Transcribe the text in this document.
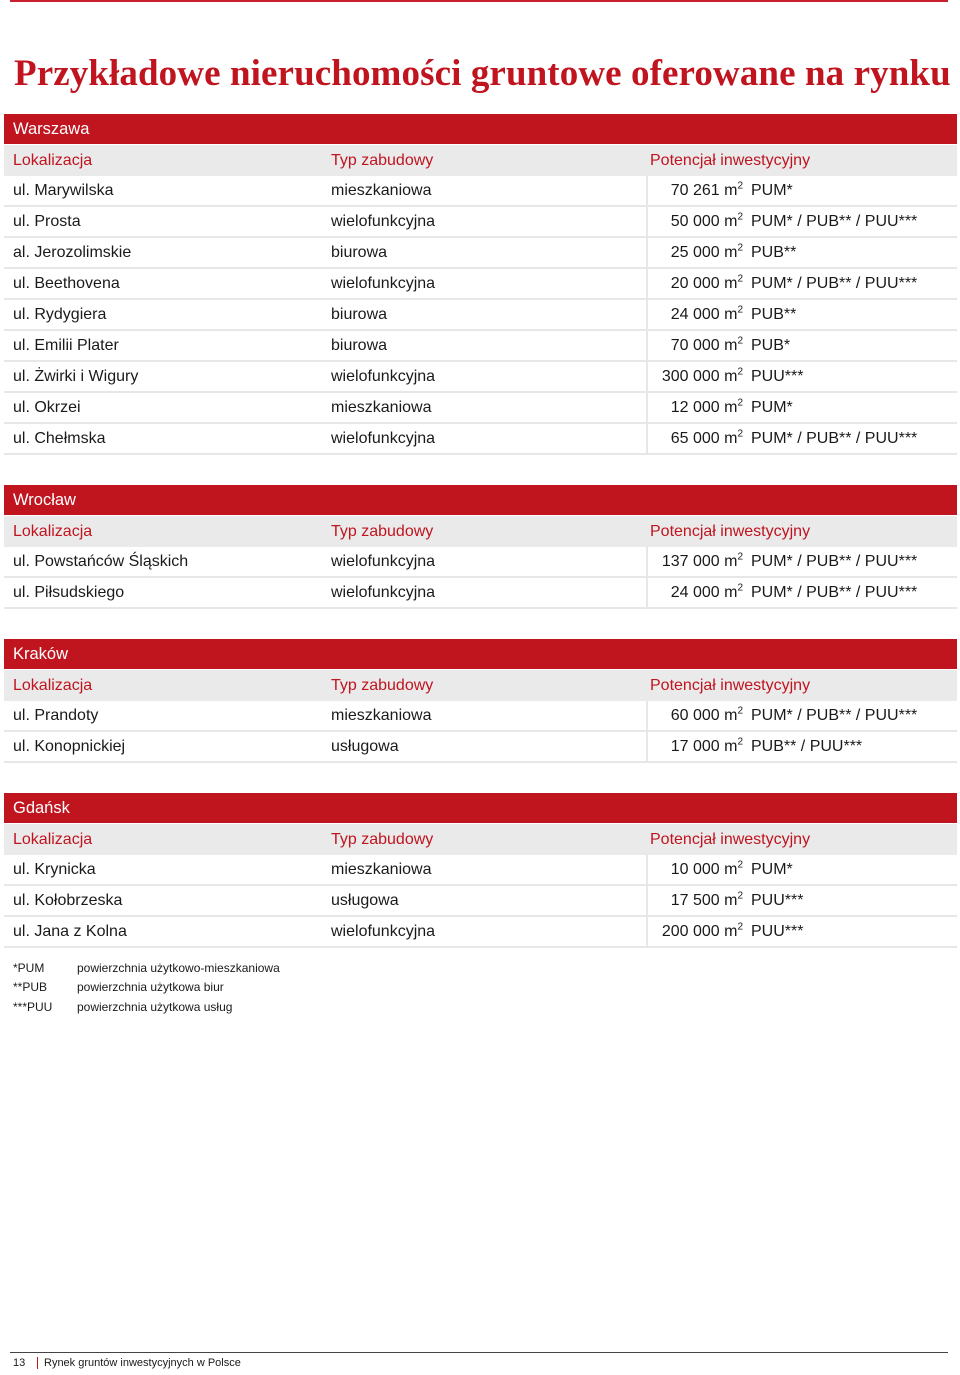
Przykładowe nieruchomości gruntowe oferowane na rynku
Warszawa
Lokalizacja	Typ zabudowy	Potencjał inwestycyjny
ul. Marywilska	mieszkaniowa	70 261 $m^2$ PUM*
ul. Prosta	wielofunkcyjna	50 000 $m^2$ PUM* / PUB** / PUU***
al. Jerozolimskie	biurowa	25 000 $m^2$ PUB**
ul. Beethovena	wielofunkcyjna	20 000 $m^2$ PUM* / PUB** / PUU***
ul. Rydygiera	biurowa	24 000 $m^2$ PUB**
ul. Emilii Plater	biurowa	70 000 $m^2$ PUB*
ul. Żwirki i Wigury	wielofunkcyjna	300 000 $m^2$ PUU***
ul. Okrzei	mieszkaniowa	12 000 $m^2$ PUM*
ul. Chełmska	wielofunkcyjna	65 000 $m^2$ PUM* / PUB** / PUU***
Wrocław
Lokalizacja	Typ zabudowy	Potencjał inwestycyjny
ul. Powstańców Śląskich	wielofunkcyjna	137 000 $m^2$ PUM* / PUB** / PUU***
ul. Piłsudskiego	wielofunkcyjna	24 000 $m^2$ PUM* / PUB** / PUU***
Kraków
Lokalizacja	Typ zabudowy	Potencjał inwestycyjny
ul. Prandoty	mieszkaniowa	60 000 $m^2$ PUM* / PUB** / PUU***
ul. Konopnickiej	usługowa	17 000 $m^2$ PUB** / PUU***
Gdańsk
Lokalizacja	Typ zabudowy	Potencjał inwestycyjny
ul. Krynicka	mieszkaniowa	10 000 $m^2$ PUM*
ul. Kołobrzeska	usługowa	17 500 $m^2$ PUU***
ul. Jana z Kolna	wielofunkcyjna	200 000 $m^2$ PUU***
*PUM	powierzchnia użytkowo-mieszkaniowa
**PUB	powierzchnia użytkowa biur
***PUU	powierzchnia użytkowa usług
13 Rynek gruntów inwestycyjnych w Polsce
